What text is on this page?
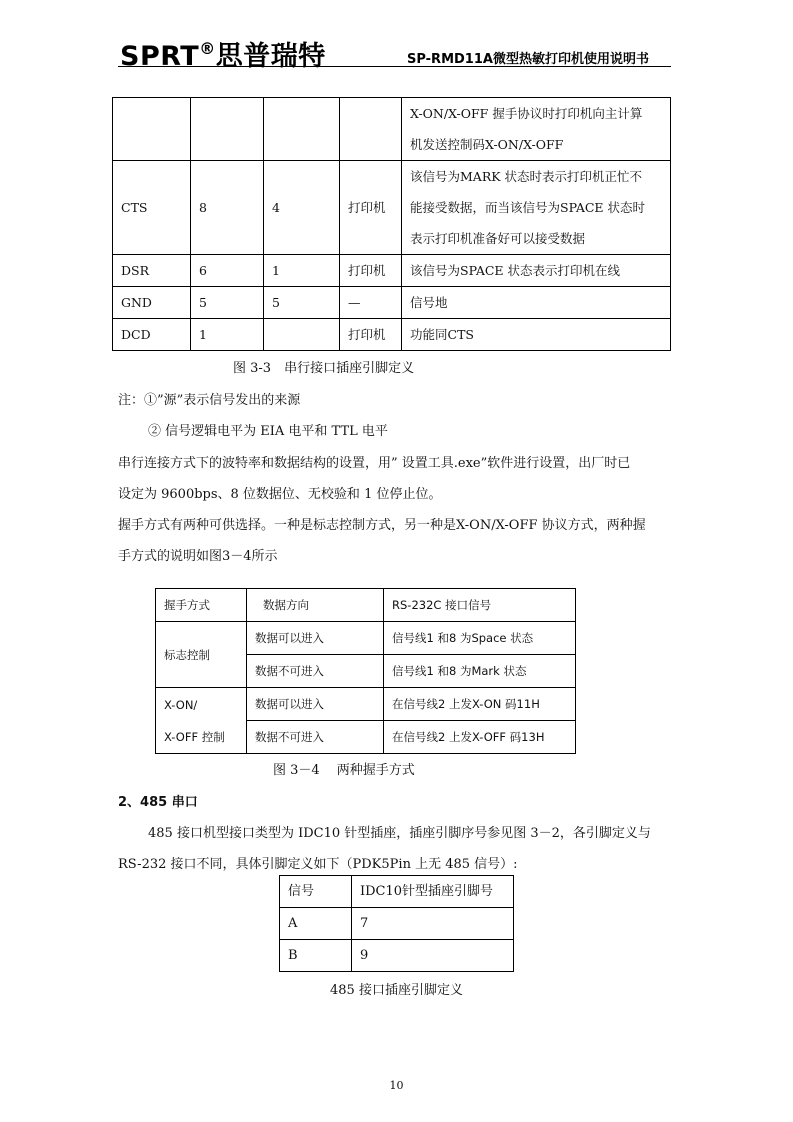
SPRT®思普瑞特	SP-RMD11A微型热敏打印机使用说明书

				X-ON/X-OFF 握手协议时打印机向主计算
机发送控制码X-ON/X-OFF

CTS	8	4	打印机	该信号为MARK 状态时表示打印机正忙不
能接受数据，而当该信号为SPACE 状态时
表示打印机准备好可以接受数据

DSR	6	1	打印机	该信号为SPACE 状态表示打印机在线
GND	5	5	—	信号地
DCD	1		打印机	功能同CTS
图 3-3　串行接口插座引脚定义
注：①”源”表示信号发出的来源
② 信号逻辑电平为 EIA 电平和 TTL 电平
串行连接方式下的波特率和数据结构的设置，用” 设置工具.exe”软件进行设置，出厂时已
设定为 9600bps、8 位数据位、无校验和 1 位停止位。
握手方式有两种可供选择。一种是标志控制方式，另一种是X-ON/X-OFF 协议方式，两种握
手方式的说明如图3－4所示
握手方式	数据方向	RS-232C 接口信号
标志控制	数据可以进入	信号线1 和8 为Space 状态
	数据不可进入	信号线1 和8 为Mark 状态

X-ON/
X-OFF 控制	数据可以进入	在信号线2 上发X-ON 码11H
	数据不可进入	在信号线2 上发X-OFF 码13H
图 3－4　 两种握手方式
2、485 串口
485 接口机型接口类型为 IDC10 针型插座，插座引脚序号参见图 3－2，各引脚定义与
RS-232 接口不同，具体引脚定义如下（PDK5Pin 上无 485 信号）:
信号	IDC10针型插座引脚号
A	7
B	9
485 接口插座引脚定义
10
